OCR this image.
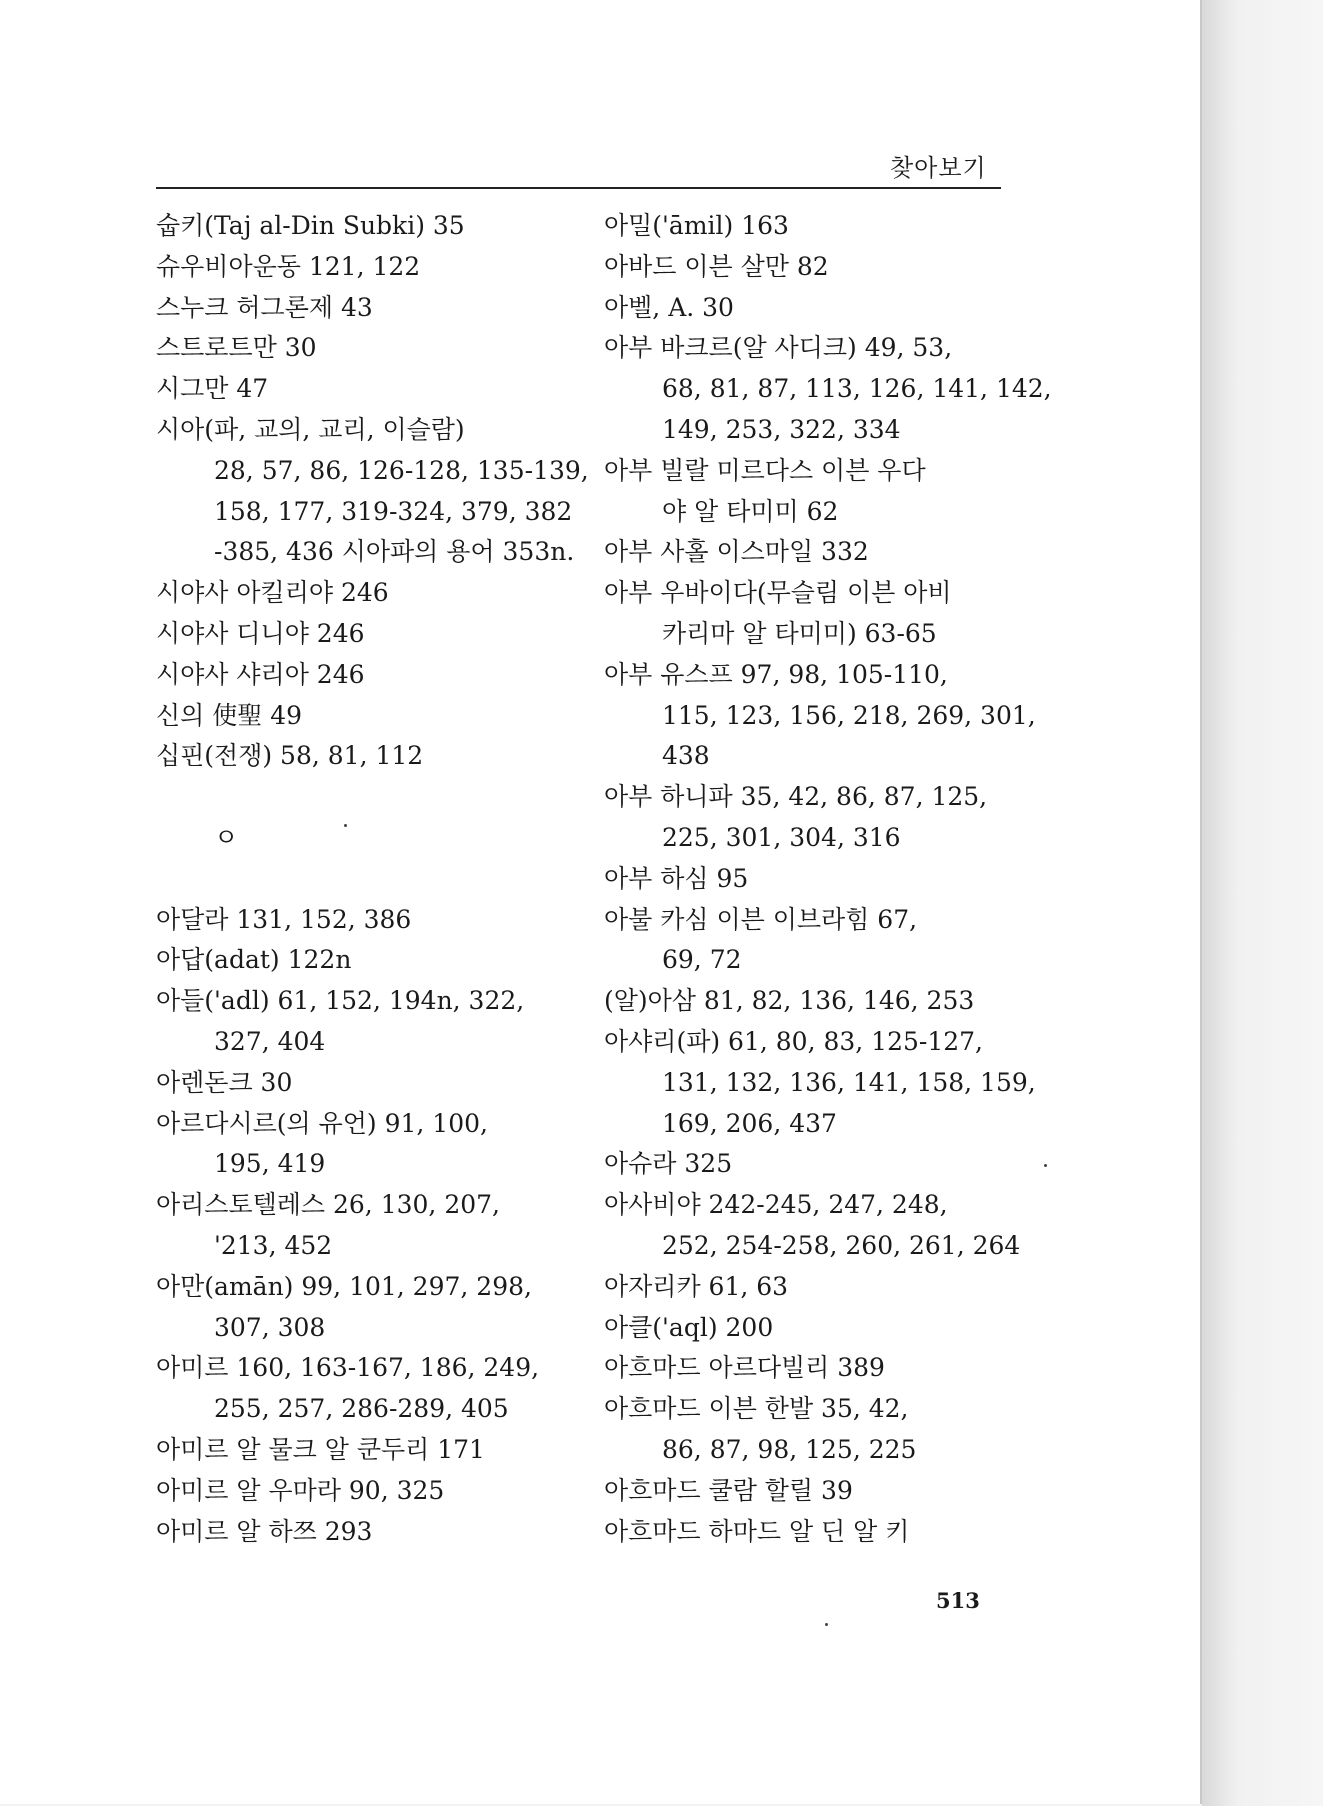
찾아보기
숩키(Taj al-Din Subki) 35
슈우비아운동 121, 122
스누크 허그론제 43
스트로트만 30
시그만 47
시아(파, 교의, 교리, 이슬람)
28, 57, 86, 126-128, 135-139,
158, 177, 319-324, 379, 382
-385, 436 시아파의 용어 353n.
시야사 아킬리야 246
시야사 디니야 246
시야사 샤리아 246
신의 使聖 49
십핀(전쟁) 58, 81, 112
ㅇ
아달라 131, 152, 386
아답(adat) 122n
아들('adl) 61, 152, 194n, 322,
327, 404
아렌돈크 30
아르다시르(의 유언) 91, 100,
195, 419
아리스토텔레스 26, 130, 207,
'213, 452
아만(amān) 99, 101, 297, 298,
307, 308
아미르 160, 163-167, 186, 249,
255, 257, 286-289, 405
아미르 알 물크 알 쿤두리 171
아미르 알 우마라 90, 325
아미르 알 하쯔 293
아밀('āmil) 163
아바드 이븐 살만 82
아벨, A. 30
아부 바크르(알 사디크) 49, 53,
68, 81, 87, 113, 126, 141, 142,
149, 253, 322, 334
아부 빌랄 미르다스 이븐 우다
야 알 타미미 62
아부 사홀 이스마일 332
아부 우바이다(무슬림 이븐 아비
카리마 알 타미미) 63-65
아부 유스프 97, 98, 105-110,
115, 123, 156, 218, 269, 301,
438
아부 하니파 35, 42, 86, 87, 125,
225, 301, 304, 316
아부 하심 95
아불 카심 이븐 이브라힘 67,
69, 72
(알)아삼 81, 82, 136, 146, 253
아샤리(파) 61, 80, 83, 125-127,
131, 132, 136, 141, 158, 159,
169, 206, 437
아슈라 325
아사비야 242-245, 247, 248,
252, 254-258, 260, 261, 264
아자리카 61, 63
아클('aql) 200
아흐마드 아르다빌리 389
아흐마드 이븐 한발 35, 42,
86, 87, 98, 125, 225
아흐마드 쿨람 할릴 39
아흐마드 하마드 알 딘 알 키
513
